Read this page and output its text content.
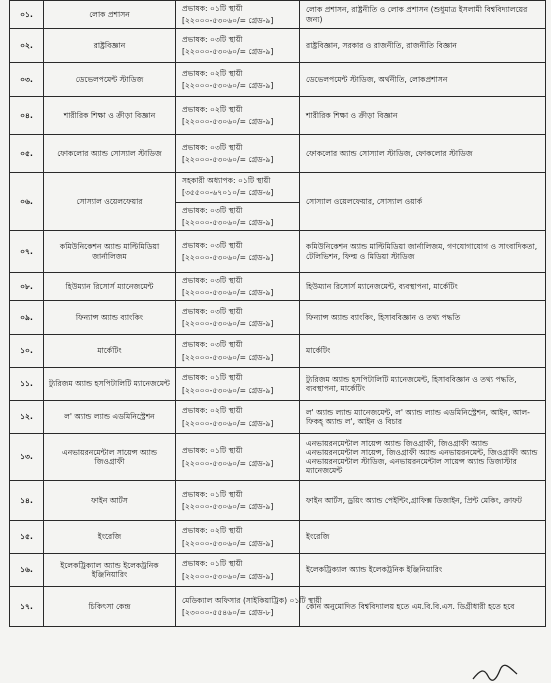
০১.	লোক প্রশাসন	প্রভাষক: ০১টি স্থায়ী
[২২০০০-৫৩০৬০/= গ্রেড-৯]	লোক প্রশাসন, রাষ্ট্রনীতি ও লোক প্রশাসন (শুধুমাত্র ইসলামী বিশ্ববিদ্যালয়ের জন্য)
০২.	রাষ্ট্রবিজ্ঞান	প্রভাষক: ০৩টি স্থায়ী
[২২০০০-৫৩০৬০/= গ্রেড-৯]	রাষ্ট্রবিজ্ঞান, সরকার ও রাজনীতি, রাজনীতি বিজ্ঞান
০৩.	ডেভেলপমেন্ট স্টাডিজ	প্রভাষক: ০২টি স্থায়ী
[২২০০০-৫৩০৬০/= গ্রেড-৯]	ডেভেলপমেন্ট স্টাডিজ, অর্থনীতি, লোকপ্রশাসন
০৪.	শারীরিক শিক্ষা ও ক্রীড়া বিজ্ঞান	প্রভাষক: ০২টি স্থায়ী
[২২০০০-৫৩০৬০/= গ্রেড-৯]	শারীরিক শিক্ষা ও ক্রীড়া বিজ্ঞান
০৫.	ফোকলোর অ্যান্ড সোস্যাল স্টাডিজ	প্রভাষক: ০৩টি স্থায়ী
[২২০০০-৫৩০৬০/= গ্রেড-৯]	ফোকলোর অ্যান্ড সোস্যাল স্টাডিজ, ফোকলোর স্টাডিজ
০৬.	সোস্যাল ওয়েলফেয়ার	সহকারী অধ্যাপক: ০১টি স্থায়ী
[৩৫৫০০-৬৭০১০/= গ্রেড-৬]
প্রভাষক: ০৩টি স্থায়ী
[২২০০০-৫৩০৬০/= গ্রেড-৯]	সোস্যাল ওয়েলফেয়ার, সোস্যাল ওয়ার্ক
০৭.	কমিউনিকেশন অ্যান্ড মাল্টিমিডিয়া জার্নালিজম	প্রভাষক: ০৩টি স্থায়ী
[২২০০০-৫৩০৬০/= গ্রেড-৯]	কমিউনিকেশন অ্যান্ড মাল্টিমিডিয়া জার্নালিজম, গণযোগাযোগ ও সাংবাদিকতা, টেলিভিশন, ফিল্ম ও মিডিয়া স্টাডিজ
০৮.	হিউম্যান রিসোর্স ম্যানেজমেন্ট	প্রভাষক: ০৩টি স্থায়ী
[২২০০০-৫৩০৬০/= গ্রেড-৯]	হিউম্যান রিসোর্স ম্যানেজমেন্ট, ব্যবস্থাপনা, মার্কেটিং
০৯.	ফিন্যান্স অ্যান্ড ব্যাংকিং	প্রভাষক: ০৩টি স্থায়ী
[২২০০০-৫৩০৬০/= গ্রেড-৯]	ফিন্যান্স অ্যান্ড ব্যাংকিং, হিসাববিজ্ঞান ও তথ্য পদ্ধতি
১০.	মার্কেটিং	প্রভাষক: ০৩টি স্থায়ী
[২২০০০-৫৩০৬০/= গ্রেড-৯]	মার্কেটিং
১১.	ট্যুরিজম অ্যান্ড হসপিটালিটি ম্যানেজমেন্ট	প্রভাষক: ০১টি স্থায়ী
[২২০০০-৫৩০৬০/= গ্রেড-৯]	ট্যুরিজম অ্যান্ড হসপিটালিটি ম্যানেজমেন্ট, হিসাববিজ্ঞান ও তথ্য পদ্ধতি, ব্যবস্থাপনা, মার্কেটিং
১২.	ল' অ্যান্ড ল্যান্ড এডমিনিস্ট্রেশন	প্রভাষক: ০২টি স্থায়ী
[২২০০০-৫৩০৬০/= গ্রেড-৯]	ল' অ্যান্ড ল্যান্ড ম্যানেজমেন্ট, ল' অ্যান্ড ল্যান্ড এডমিনিস্ট্রেশন, আইন, আল-ফিকহ্‌ অ্যান্ড ল', আইন ও বিচার
১৩.	এনভায়রনমেন্টাল সায়েন্স অ্যান্ড জিওগ্রাফী	প্রভাষক: ০১টি স্থায়ী
[২২০০০-৫৩০৬০/= গ্রেড-৯]	এনভায়রনমেন্টাল সায়েন্স অ্যান্ড জিওগ্রাফী, জিওগ্রাফী অ্যান্ড এনভায়রনমেন্টাল সায়েন্স, জিওগ্রাফী অ্যান্ড এনভায়রনমেন্ট, জিওগ্রাফী অ্যান্ড এনভায়রনমেন্টাল স্টাডিজ, এনভায়রনমেন্টাল সায়েন্স অ্যান্ড ডিজাস্টার ম্যানেজমেন্ট
১৪.	ফাইন আর্টস	প্রভাষক: ০১টি স্থায়ী
[২২০০০-৫৩০৬০/= গ্রেড-৯]	ফাইন আর্টস, ড্রয়িং অ্যান্ড পেইন্টিং,গ্রাফিক্স ডিজাইন, প্রিন্ট মেকিং, ক্রাফট
১৫.	ইংরেজি	প্রভাষক: ০২টি স্থায়ী
[২২০০০-৫৩০৬০/= গ্রেড-৯]	ইংরেজি
১৬.	ইলেকট্রিক্যাল অ্যান্ড ইলেকট্রনিক ইঞ্জিনিয়ারিং	প্রভাষক: ০১টি স্থায়ী
[২২০০০-৫৩০৬০/= গ্রেড-৯]	ইলেকট্রিক্যাল অ্যান্ড ইলেকট্রনিক ইঞ্জিনিয়ারিং
১৭.	চিকিৎসা কেন্দ্র	মেডিক্যাল অফিসার (সাইকিয়াট্রিক) ০১টি স্থায়ী
[২৩০০০-৫৫৪৬০/= গ্রেড-৮]	কোন অনুমোদিত বিশ্ববিদ্যালয় হতে এম.বি.বি.এস. ডিগ্রীধারী হতে হবে
